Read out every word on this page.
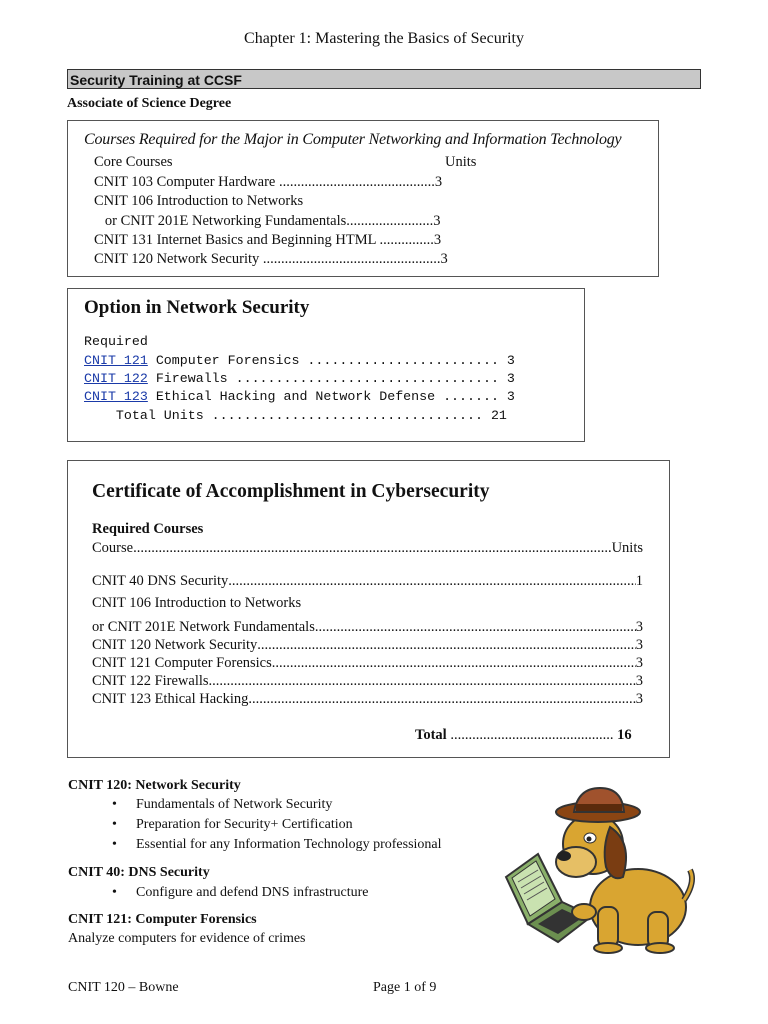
Chapter 1: Mastering the Basics of Security
Security Training at CCSF
Associate of Science Degree
Courses Required for the Major in Computer Networking and Information Technology
Core Courses	Units
CNIT 103 Computer Hardware ...........................................3
CNIT 106 Introduction to Networks
or CNIT 201E Networking Fundamentals........................3
CNIT 131 Internet Basics and Beginning HTML ...............3
CNIT 120 Network Security .................................................3
Option in Network Security
Required
CNIT 121 Computer Forensics ........................ 3
CNIT 122 Firewalls ................................. 3
CNIT 123 Ethical Hacking and Network Defense ....... 3
Total Units .................................. 21
Certificate of Accomplishment in Cybersecurity
Required Courses
Course .....	Units
CNIT 40 DNS Security .....	1
CNIT 106 Introduction to Networks
or CNIT 201E Network Fundamentals. .....	3
CNIT 120 Network Security .....	3
CNIT 121 Computer Forensics .....	3
CNIT 122 Firewalls .....	3
CNIT 123 Ethical Hacking .....	3
Total ............................................. 16
CNIT 120: Network Security
• Fundamentals of Network Security
• Preparation for Security+ Certification
• Essential for any Information Technology professional
CNIT 40: DNS Security
• Configure and defend DNS infrastructure
CNIT 121: Computer Forensics
Analyze computers for evidence of crimes
CNIT 120 – Bowne	Page 1 of 9
